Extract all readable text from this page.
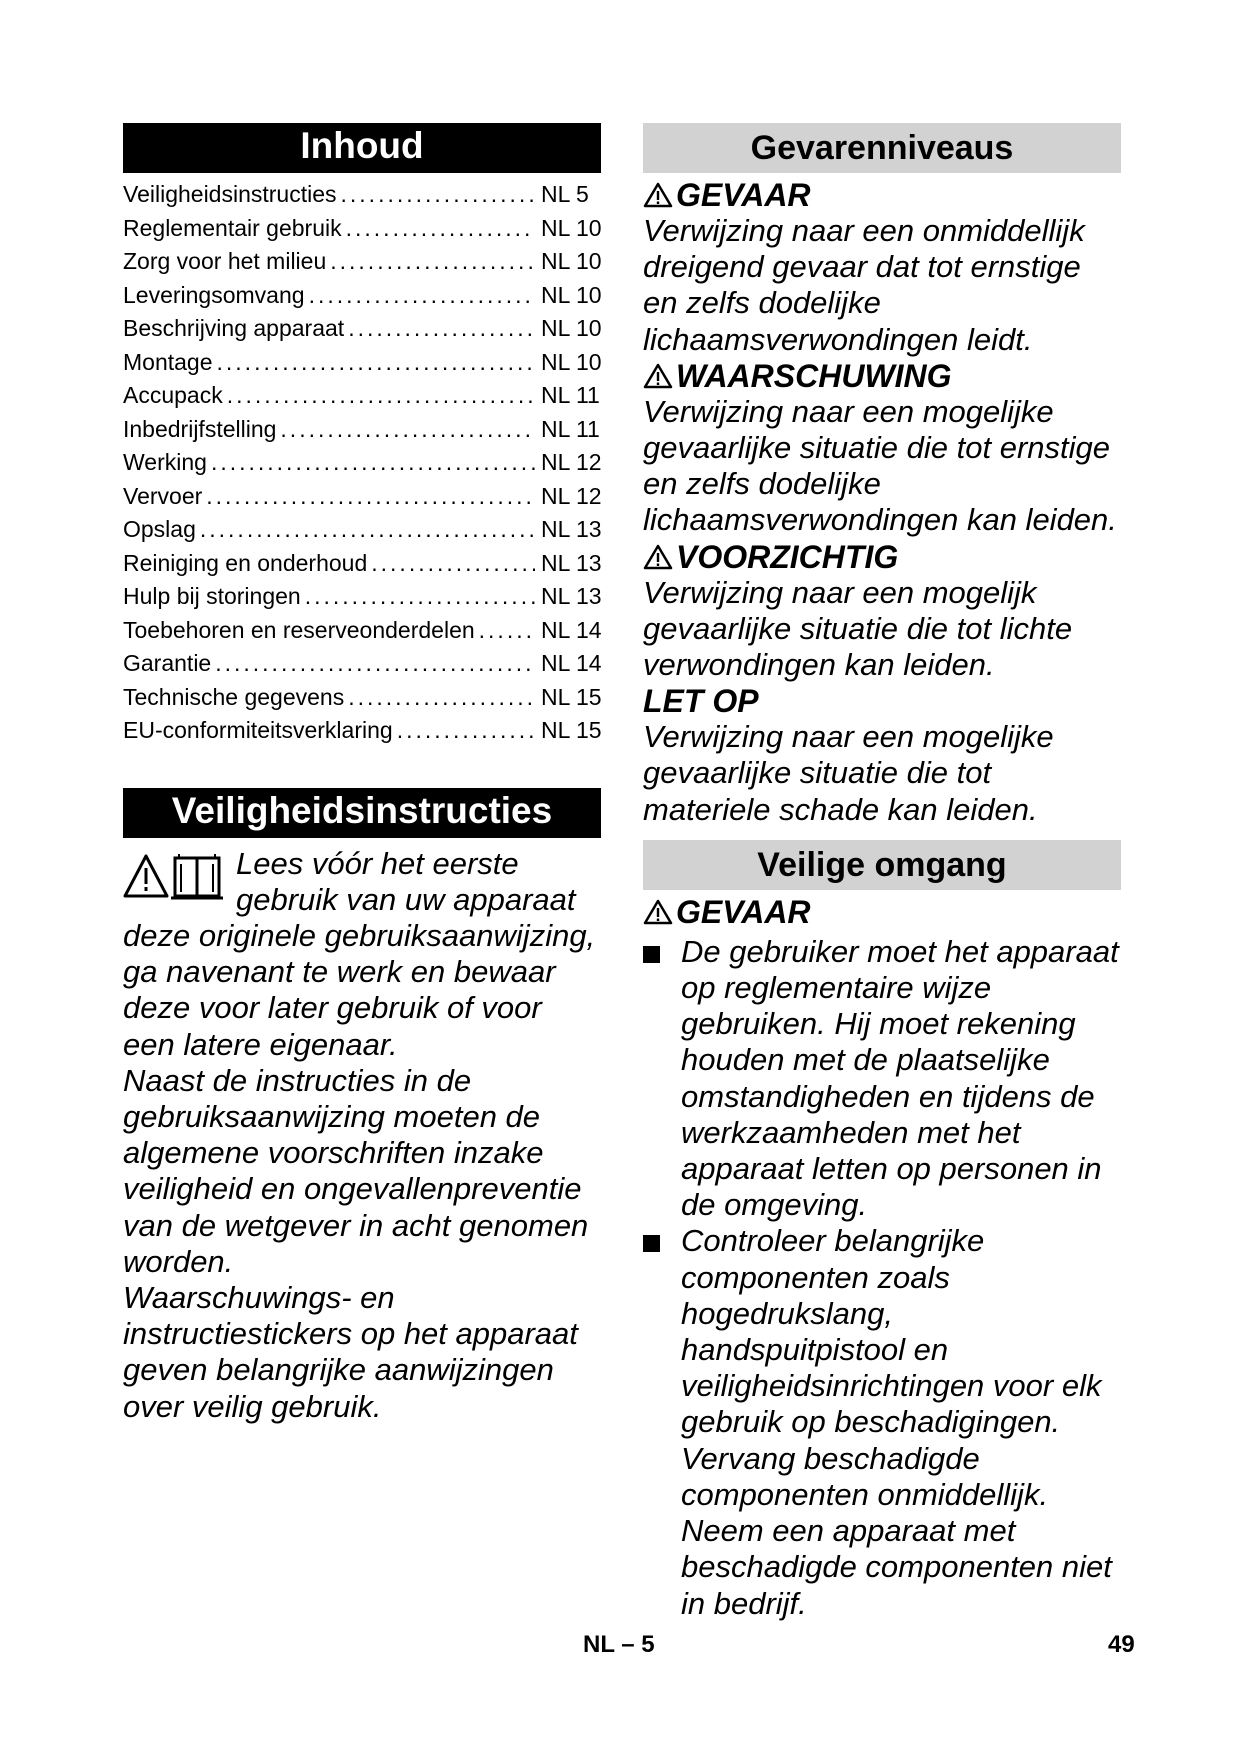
Inhoud
Veiligheidsinstructies .....	NL 5
Reglementair gebruik .....	NL 10
Zorg voor het milieu .....	NL 10
Leveringsomvang .....	NL 10
Beschrijving apparaat .....	NL 10
Montage .....	NL 10
Accupack .....	NL 11
Inbedrijfstelling .....	NL 11
Werking .....	NL 12
Vervoer .....	NL 12
Opslag .....	NL 13
Reiniging en onderhoud .....	NL 13
Hulp bij storingen .....	NL 13
Toebehoren en reserveonderdelen .....	NL 14
Garantie .....	NL 14
Technische gegevens .....	NL 15
EU-conformiteitsverklaring .....	NL 15
Veiligheidsinstructies
Lees vóór het eerste gebruik van uw apparaat deze originele gebruiksaanwijzing, ga navenant te werk en bewaar deze voor later gebruik of voor een latere eigenaar.
Naast de instructies in de gebruiksaanwijzing moeten de algemene voorschriften inzake veiligheid en ongevallenpreventie van de wetgever in acht genomen worden.
Waarschuwings- en instructiestickers op het apparaat geven belangrijke aanwijzingen over veilig gebruik.
Gevarenniveaus
GEVAAR
Verwijzing naar een onmiddellijk dreigend gevaar dat tot ernstige en zelfs dodelijke lichaamsverwondingen leidt.
WAARSCHUWING
Verwijzing naar een mogelijke gevaarlijke situatie die tot ernstige en zelfs dodelijke lichaamsverwondingen kan leiden.
VOORZICHTIG
Verwijzing naar een mogelijk gevaarlijke situatie die tot lichte verwondingen kan leiden.
LET OP
Verwijzing naar een mogelijke gevaarlijke situatie die tot materiele schade kan leiden.
Veilige omgang
GEVAAR
De gebruiker moet het apparaat op reglementaire wijze gebruiken. Hij moet rekening houden met de plaatselijke omstandigheden en tijdens de werkzaamheden met het apparaat letten op personen in de omgeving.
Controleer belangrijke componenten zoals hogedrukslang, handspuitpistool en veiligheidsinrichtingen voor elk gebruik op beschadigingen. Vervang beschadigde componenten onmiddellijk. Neem een apparaat met beschadigde componenten niet in bedrijf.
NL – 5	49
